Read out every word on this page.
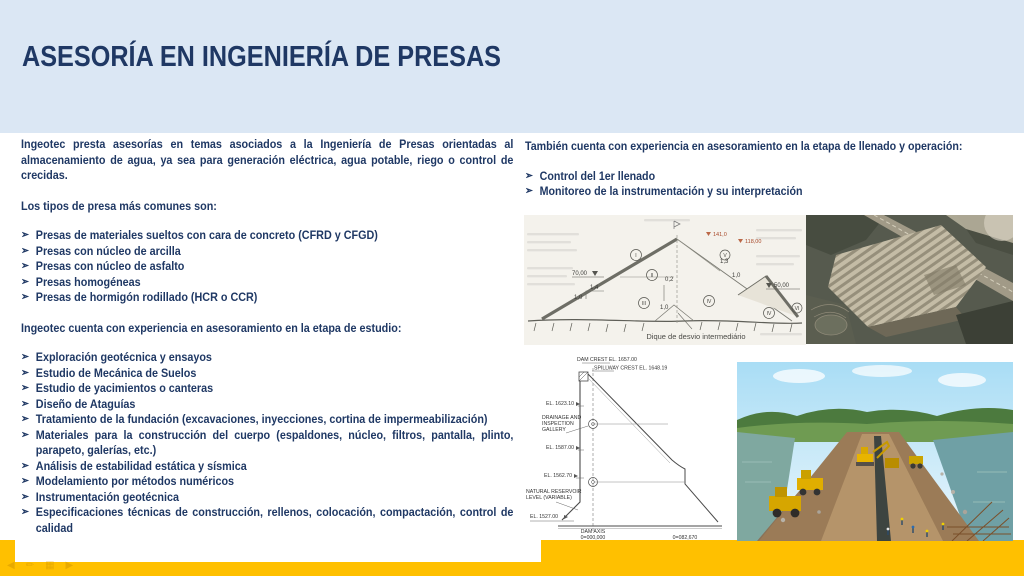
ASESORÍA EN INGENIERÍA DE PRESAS

Ingeotec presta asesorías en temas asociados a la Ingeniería de Presas orientadas al almacenamiento de agua, ya sea para generación eléctrica, agua potable, riego o control de crecidas.

Los tipos de presa más comunes son:

➢ Presas de materiales sueltos con cara de concreto (CFRD y CFGD)
➢ Presas con núcleo de arcilla
➢ Presas con núcleo de asfalto
➢ Presas homogéneas
➢ Presas de hormigón rodillado (HCR o CCR)

Ingeotec cuenta con experiencia en asesoramiento en la etapa de estudio:

➢ Exploración geotécnica y ensayos
➢ Estudio de Mecánica de Suelos
➢ Estudio de yacimientos o canteras
➢ Diseño de Ataguías
➢ Tratamiento de la fundación (excavaciones, inyecciones, cortina de impermeabilización)
➢ Materiales para la construcción del cuerpo (espaldones, núcleo, filtros, pantalla, plinto, parapeto, galerías, etc.)
➢ Análisis de estabilidad estática y sísmica
➢ Modelamiento por métodos numéricos
➢ Instrumentación geotécnica
➢ Especificaciones técnicas de construcción, rellenos, colocación, compactación, control de calidad

También cuenta con experiencia en asesoramiento en la etapa de llenado y operación:

➢ Control del 1er llenado
➢ Monitoreo de la instrumentación y su interpretación
I
II
III	IV
V
IV
VI
70,00
1,4
1,0
0,2
1,0
1,3
1,0
50,00
141,0
118,00
Dique de desvio intermediário
DAM CREST EL. 1657.00
SPILLWAY CREST EL. 1648.19
EL. 1623.10
DRAINAGE AND
INSPECTION
GALLERY
EL. 1587.00
EL. 1562.70
NATURAL RESERVOIR
LEVEL (VARIABLE)
EL. 1527.00
DAM AXIS
0=000,000	0=082,670
◀ ✏ ▦ ▶
